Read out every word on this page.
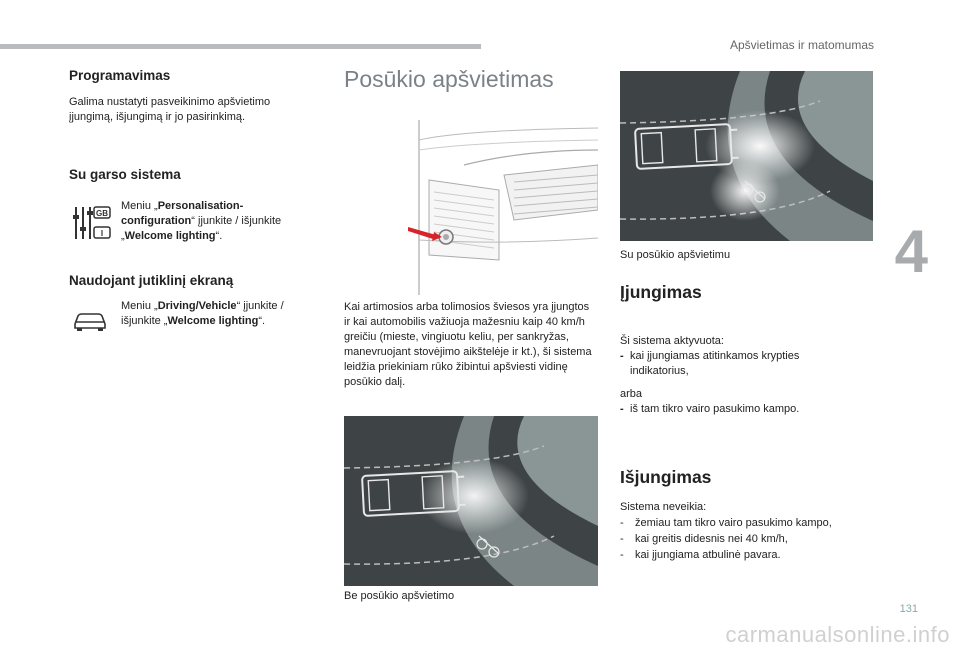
Apšvietimas ir matomumas
4
Programavimas
Galima nustatyti pasveikinimo apšvietimo įjungimą, išjungimą ir jo pasirinkimą.
Su garso sistema
GB
I
Meniu „Personalisation-configuration“ įjunkite / išjunkite „Welcome lighting“.
Naudojant jutiklinį ekraną
Meniu „Driving/Vehicle“ įjunkite / išjunkite „Welcome lighting“.
Posūkio apšvietimas
Kai artimosios arba tolimosios šviesos yra įjungtos ir kai automobilis važiuoja mažesniu kaip 40 km/h greičiu (mieste, vingiuotu keliu, per sankryžas, manevruojant stovėjimo aikštelėje ir kt.), ši sistema leidžia priekiniam rūko žibintui apšviesti vidinę posūkio dalį.
Be posūkio apšvietimo
Su posūkio apšvietimu
Įjungimas
Ši sistema aktyvuota:
- kai įjungiamas atitinkamos krypties indikatorius,
arba
- iš tam tikro vairo pasukimo kampo.
Išjungimas
Sistema neveikia:
-	žemiau tam tikro vairo pasukimo kampo,
-	kai greitis didesnis nei 40 km/h,
-	kai įjungiama atbulinė pavara.
131
carmanualsonline.info
